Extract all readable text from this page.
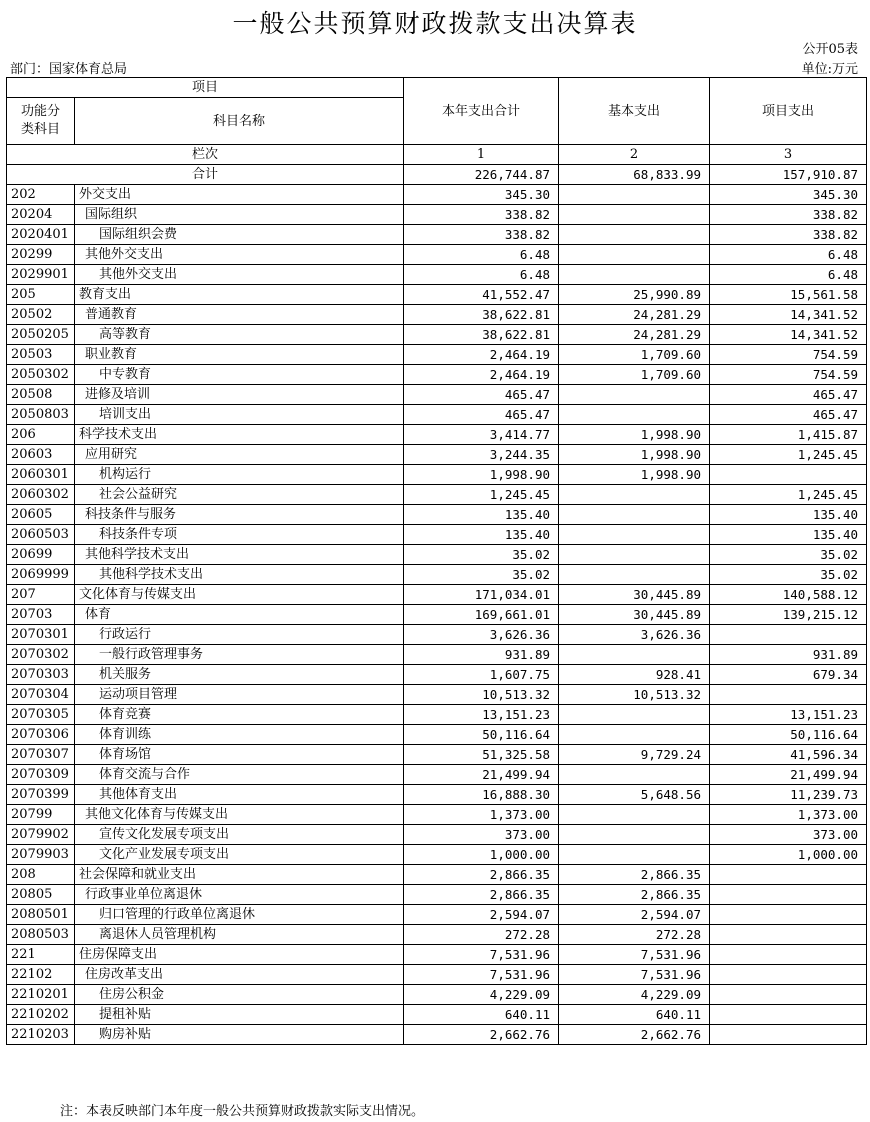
一般公共预算财政拨款支出决算表
公开05表
部门：国家体育总局	单位:万元
项目		本年支出合计	基本支出	项目支出
功能分类科目	科目名称			

栏次		1	2	3
合计		226,744.87	68,833.99	157,910.87
202	外交支出	345.30		345.30
20204	国际组织	338.82		338.82
2020401	国际组织会费	338.82		338.82
20299	其他外交支出	6.48		6.48
2029901	其他外交支出	6.48		6.48
205	教育支出	41,552.47	25,990.89	15,561.58
20502	普通教育	38,622.81	24,281.29	14,341.52
2050205	高等教育	38,622.81	24,281.29	14,341.52
20503	职业教育	2,464.19	1,709.60	754.59
2050302	中专教育	2,464.19	1,709.60	754.59
20508	进修及培训	465.47		465.47
2050803	培训支出	465.47		465.47
206	科学技术支出	3,414.77	1,998.90	1,415.87
20603	应用研究	3,244.35	1,998.90	1,245.45
2060301	机构运行	1,998.90	1,998.90	
2060302	社会公益研究	1,245.45		1,245.45
20605	科技条件与服务	135.40		135.40
2060503	科技条件专项	135.40		135.40
20699	其他科学技术支出	35.02		35.02
2069999	其他科学技术支出	35.02		35.02
207	文化体育与传媒支出	171,034.01	30,445.89	140,588.12
20703	体育	169,661.01	30,445.89	139,215.12
2070301	行政运行	3,626.36	3,626.36	
2070302	一般行政管理事务	931.89		931.89
2070303	机关服务	1,607.75	928.41	679.34
2070304	运动项目管理	10,513.32	10,513.32	
2070305	体育竞赛	13,151.23		13,151.23
2070306	体育训练	50,116.64		50,116.64
2070307	体育场馆	51,325.58	9,729.24	41,596.34
2070309	体育交流与合作	21,499.94		21,499.94
2070399	其他体育支出	16,888.30	5,648.56	11,239.73
20799	其他文化体育与传媒支出	1,373.00		1,373.00
2079902	宣传文化发展专项支出	373.00		373.00
2079903	文化产业发展专项支出	1,000.00		1,000.00
208	社会保障和就业支出	2,866.35	2,866.35	
20805	行政事业单位离退休	2,866.35	2,866.35	
2080501	归口管理的行政单位离退休	2,594.07	2,594.07	
2080503	离退休人员管理机构	272.28	272.28	
221	住房保障支出	7,531.96	7,531.96	
22102	住房改革支出	7,531.96	7,531.96	
2210201	住房公积金	4,229.09	4,229.09	
2210202	提租补贴	640.11	640.11	
2210203	购房补贴	2,662.76	2,662.76	
注：本表反映部门本年度一般公共预算财政拨款实际支出情况。
